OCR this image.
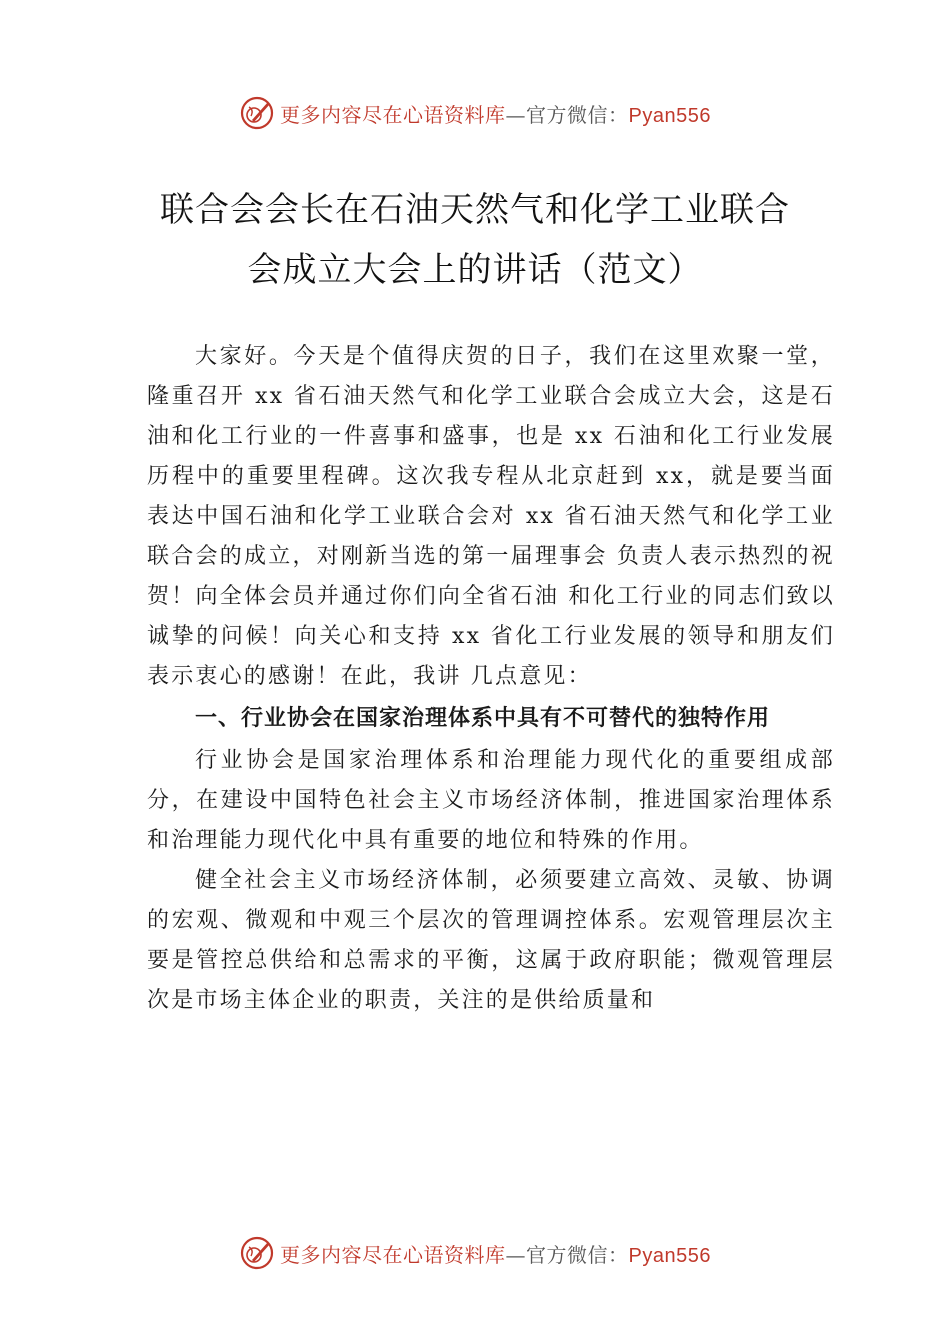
更多内容尽在心语资料库—官方微信：Pyan556
联合会会长在石油天然气和化学工业联合
会成立大会上的讲话（范文）

大家好。今天是个值得庆贺的日子，我们在这里欢聚一堂，隆重召开 xx 省石油天然气和化学工业联合会成立大会，这是石油和化工行业的一件喜事和盛事，也是 xx 石油和化工行业发展历程中的重要里程碑。这次我专程从北京赶到 xx，就是要当面表达中国石油和化学工业联合会对 xx 省石油天然气和化学工业联合会的成立，对刚新当选的第一届理事会 负责人表示热烈的祝贺！向全体会员并通过你们向全省石油 和化工行业的同志们致以诚挚的问候！向关心和支持 xx 省化工行业发展的领导和朋友们表示衷心的感谢！在此，我讲 几点意见：

一、行业协会在国家治理体系中具有不可替代的独特作用

行业协会是国家治理体系和治理能力现代化的重要组成部分，在建设中国特色社会主义市场经济体制，推进国家治理体系和治理能力现代化中具有重要的地位和特殊的作用。

健全社会主义市场经济体制，必须要建立高效、灵敏、协调的宏观、微观和中观三个层次的管理调控体系。宏观管理层次主要是管控总供给和总需求的平衡，这属于政府职能；微观管理层次是市场主体企业的职责，关注的是供给质量和

更多内容尽在心语资料库—官方微信：Pyan556
